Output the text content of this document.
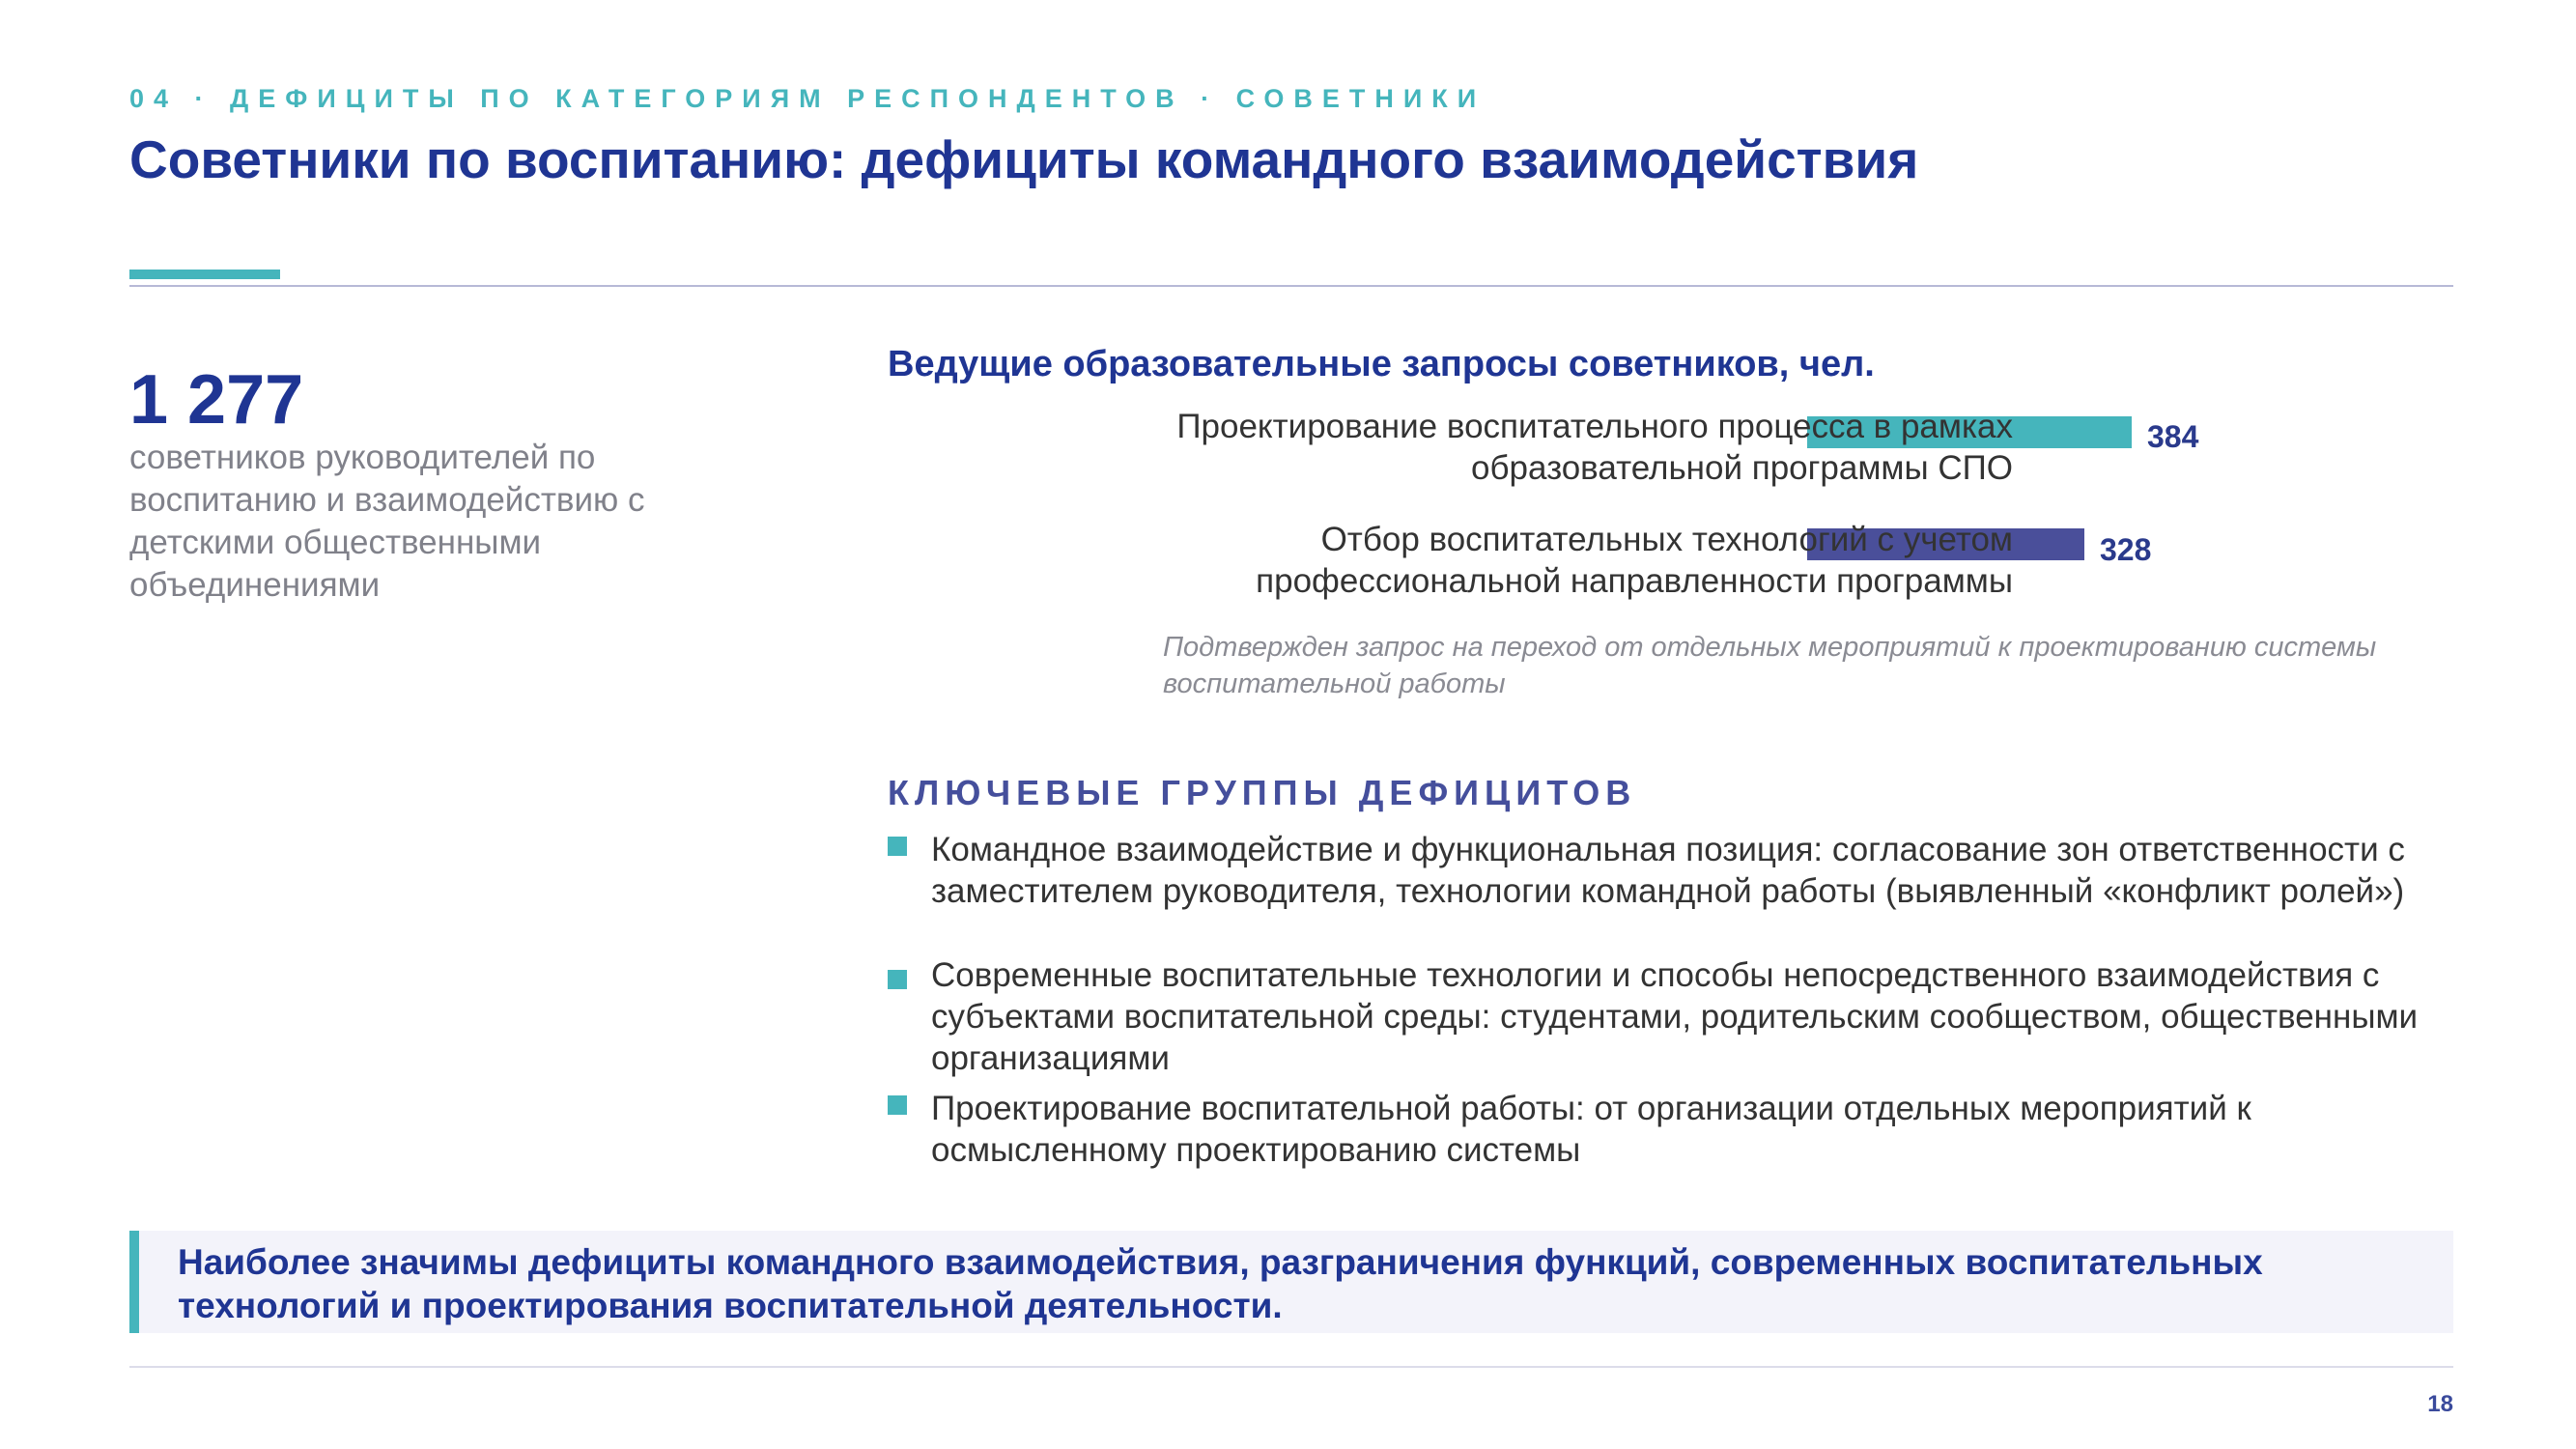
04 · ДЕФИЦИТЫ ПО КАТЕГОРИЯМ РЕСПОНДЕНТОВ · СОВЕТНИКИ
Советники по воспитанию: дефициты командного взаимодействия
1 277
советников руководителей по воспитанию и взаимодействию с детскими общественными объединениями
Ведущие образовательные запросы советников, чел.
Проектирование воспитательного процесса в рамках образовательной программы СПО
Отбор воспитательных технологий с учетом профессиональной направленности программы
384
328
Подтвержден запрос на переход от отдельных мероприятий к проектированию системы воспитательной работы
КЛЮЧЕВЫЕ ГРУППЫ ДЕФИЦИТОВ
Командное взаимодействие и функциональная позиция: согласование зон ответственности с заместителем руководителя, технологии командной работы (выявленный «конфликт ролей»)
Современные воспитательные технологии и способы непосредственного взаимодействия с субъектами воспитательной среды: студентами, родительским сообществом, общественными организациями
Проектирование воспитательной работы: от организации отдельных мероприятий к осмысленному проектированию системы
Наиболее значимы дефициты командного взаимодействия, разграничения функций, современных воспитательных технологий и проектирования воспитательной деятельности.
18
